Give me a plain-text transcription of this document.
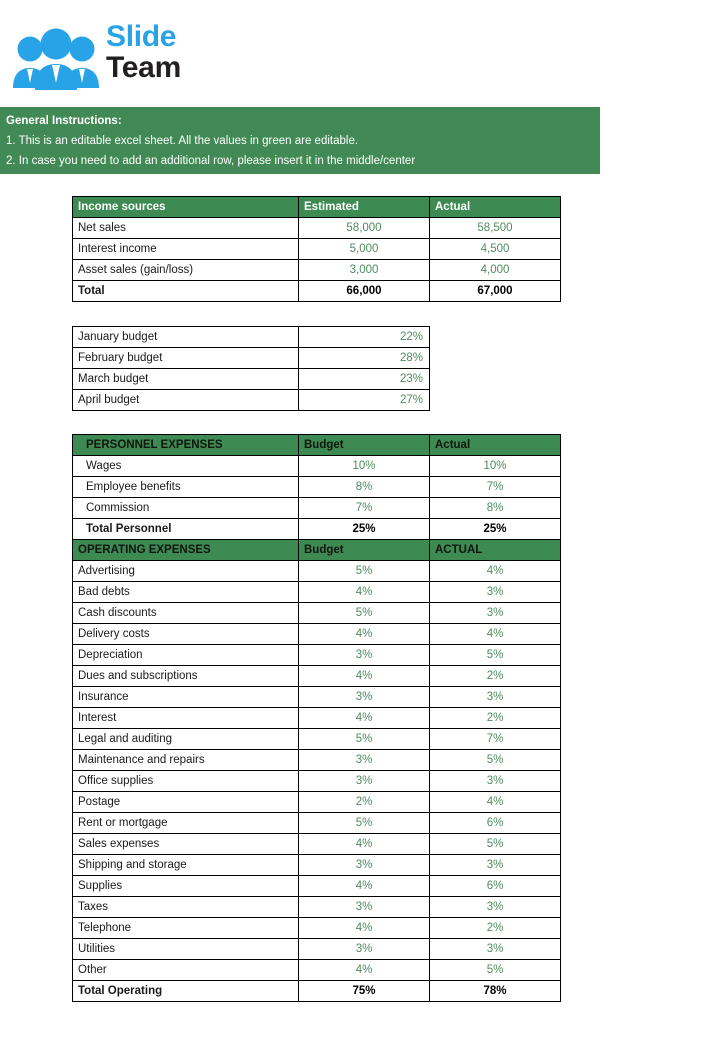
Slide
Team
General Instructions:
1. This is an editable excel sheet. All the values in green are editable.
2. In case you need to add an additional row, please insert it in the middle/center
Income sources	Estimated	Actual
Net sales	58,000	58,500
Interest income	5,000	4,500
Asset sales (gain/loss)	3,000	4,000
Total	66,000	67,000
January budget	22%
February budget	28%
March budget	23%
April budget	27%
PERSONNEL EXPENSES	Budget	Actual
Wages	10%	10%
Employee benefits	8%	7%
Commission	7%	8%
Total Personnel	25%	25%
OPERATING EXPENSES	Budget	ACTUAL
Advertising	5%	4%
Bad debts	4%	3%
Cash discounts	5%	3%
Delivery costs	4%	4%
Depreciation	3%	5%
Dues and subscriptions	4%	2%
Insurance	3%	3%
Interest	4%	2%
Legal and auditing	5%	7%
Maintenance and repairs	3%	5%
Office supplies	3%	3%
Postage	2%	4%
Rent or mortgage	5%	6%
Sales expenses	4%	5%
Shipping and storage	3%	3%
Supplies	4%	6%
Taxes	3%	3%
Telephone	4%	2%
Utilities	3%	3%
Other	4%	5%
Total Operating	75%	78%
